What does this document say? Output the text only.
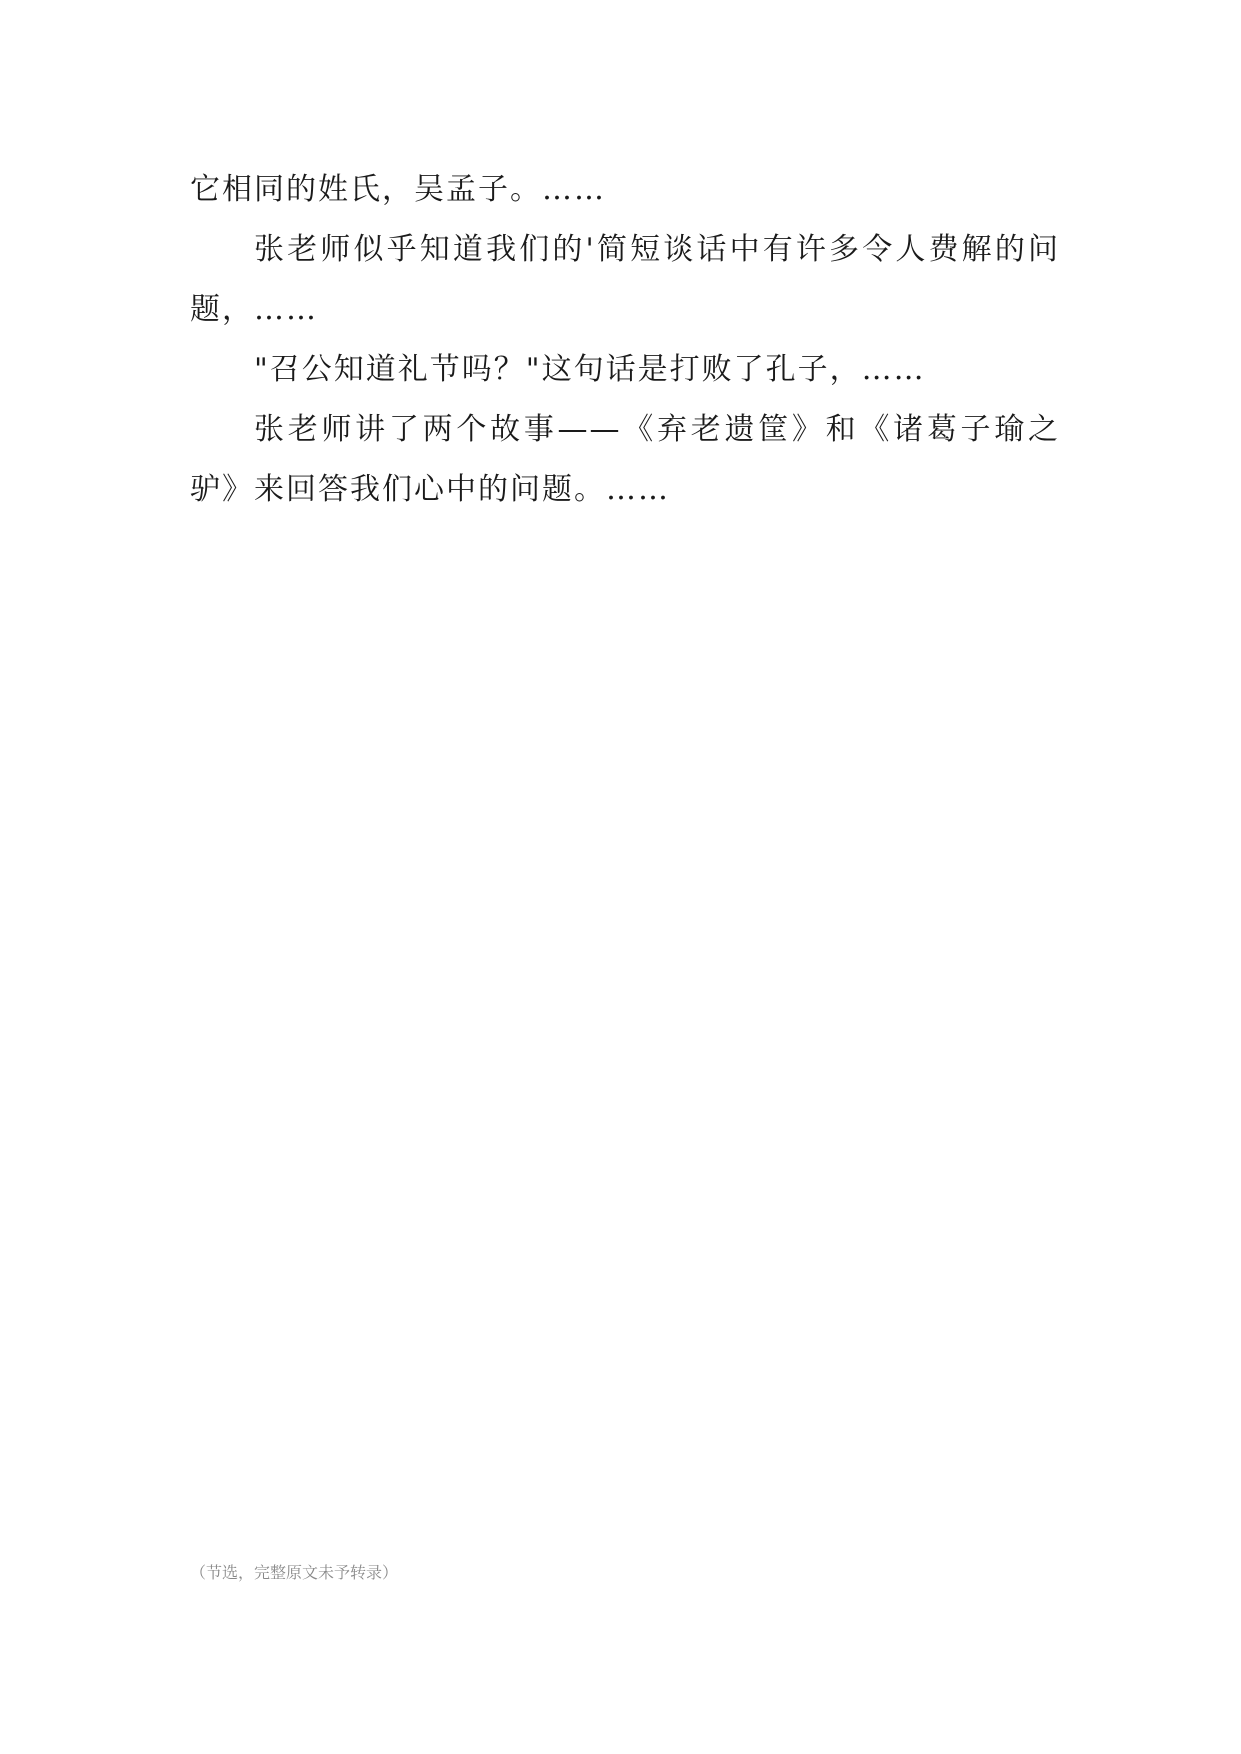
它相同的姓氏，吴孟子。……

张老师似乎知道我们的'简短谈话中有许多令人费解的问题，……

"召公知道礼节吗？"这句话是打败了孔子，……

张老师讲了两个故事——《弃老遗筐》和《诸葛子瑜之驴》来回答我们心中的问题。……

（节选，完整原文未予转录）
